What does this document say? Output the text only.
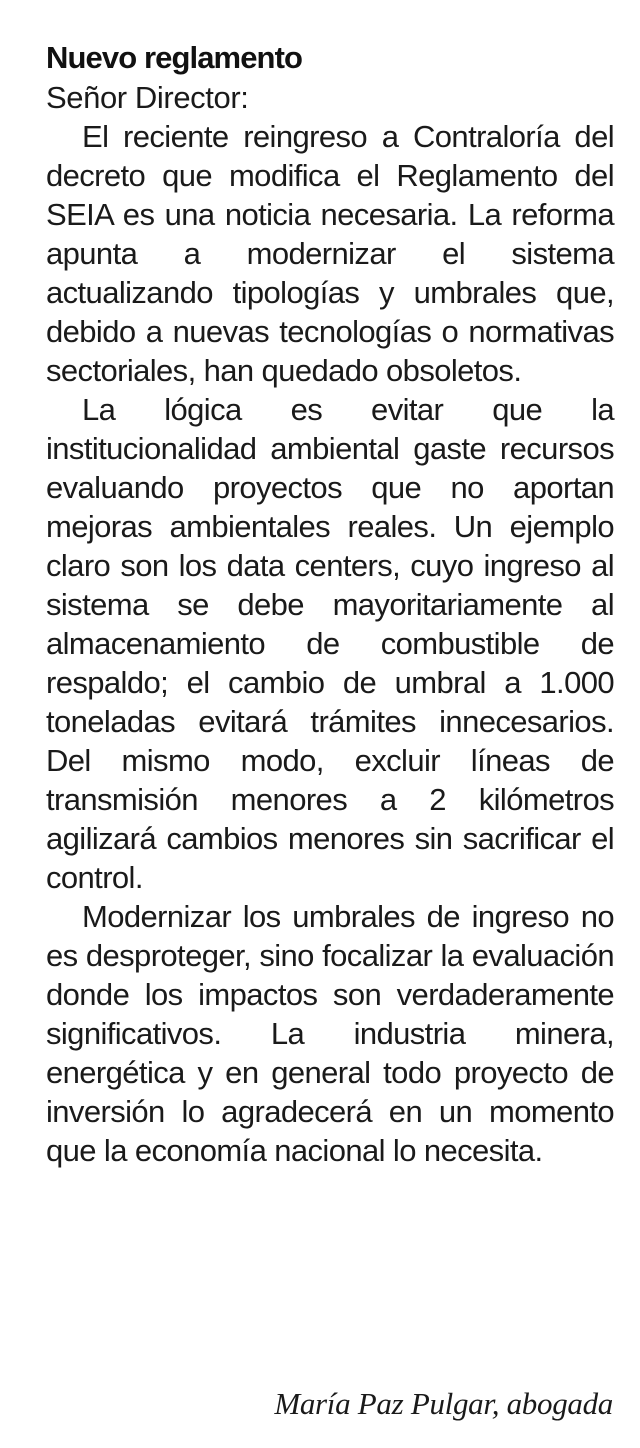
Nuevo reglamento

Señor Director:

El reciente reingreso a Contraloría del decreto que modifica el Reglamento del SEIA es una noticia necesaria. La reforma apunta a modernizar el sistema actualizando tipologías y umbrales que, debido a nuevas tecnologías o normativas sectoriales, han quedado obsoletos.

La lógica es evitar que la institucionalidad ambiental gaste recursos evaluando proyectos que no aportan mejoras ambientales reales. Un ejemplo claro son los data centers, cuyo ingreso al sistema se debe mayoritariamente al almacenamiento de combustible de respaldo; el cambio de umbral a 1.000 toneladas evitará trámites innecesarios. Del mismo modo, excluir líneas de transmisión menores a 2 kilómetros agilizará cambios menores sin sacrificar el control.

Modernizar los umbrales de ingreso no es desproteger, sino focalizar la evaluación donde los impactos son verdaderamente significativos. La industria minera, energética y en general todo proyecto de inversión lo agradecerá en un momento que la economía nacional lo necesita.

María Paz Pulgar, abogada
